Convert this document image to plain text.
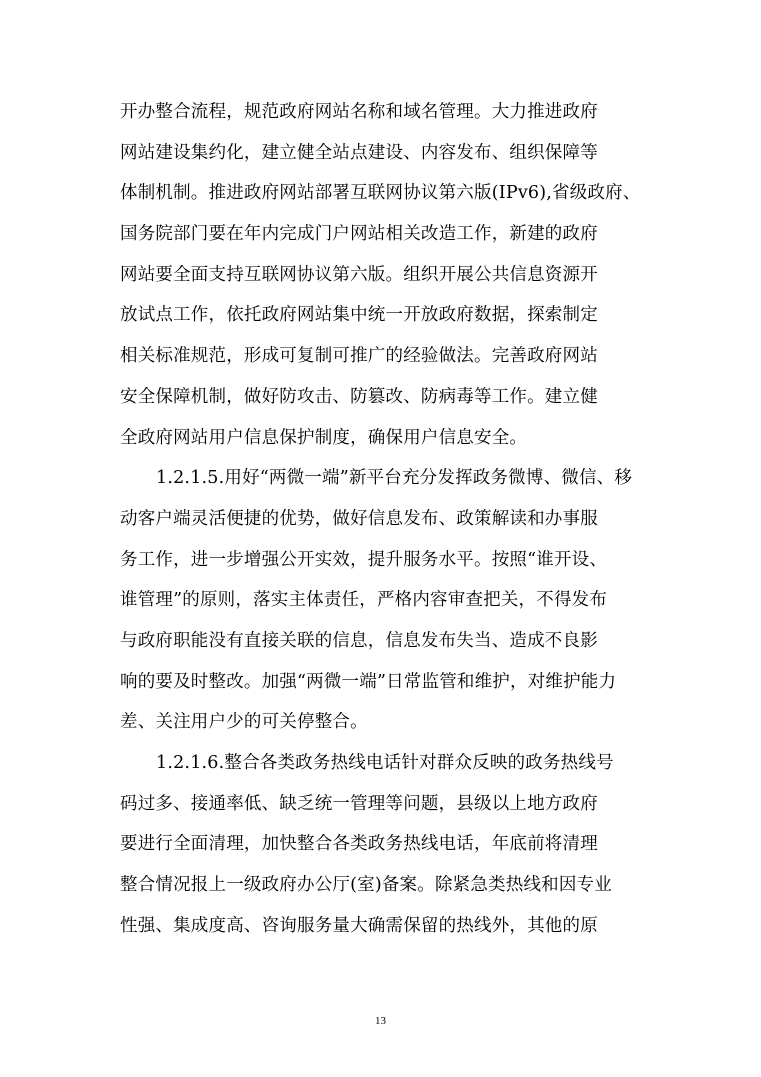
开办整合流程，规范政府网站名称和域名管理。大力推进政府
网站建设集约化，建立健全站点建设、内容发布、组织保障等
体制机制。推进政府网站部署互联网协议第六版(IPv6),省级政府、
国务院部门要在年内完成门户网站相关改造工作，新建的政府
网站要全面支持互联网协议第六版。组织开展公共信息资源开
放试点工作，依托政府网站集中统一开放政府数据，探索制定
相关标准规范，形成可复制可推广的经验做法。完善政府网站
安全保障机制，做好防攻击、防篡改、防病毒等工作。建立健
全政府网站用户信息保护制度，确保用户信息安全。
1.2.1.5.用好“两微一端”新平台充分发挥政务微博、微信、移
动客户端灵活便捷的优势，做好信息发布、政策解读和办事服
务工作，进一步增强公开实效，提升服务水平。按照“谁开设、
谁管理”的原则，落实主体责任，严格内容审查把关，不得发布
与政府职能没有直接关联的信息，信息发布失当、造成不良影
响的要及时整改。加强“两微一端”日常监管和维护，对维护能力
差、关注用户少的可关停整合。
1.2.1.6.整合各类政务热线电话针对群众反映的政务热线号
码过多、接通率低、缺乏统一管理等问题，县级以上地方政府
要进行全面清理，加快整合各类政务热线电话，年底前将清理
整合情况报上一级政府办公厅(室)备案。除紧急类热线和因专业
性强、集成度高、咨询服务量大确需保留的热线外，其他的原
13
